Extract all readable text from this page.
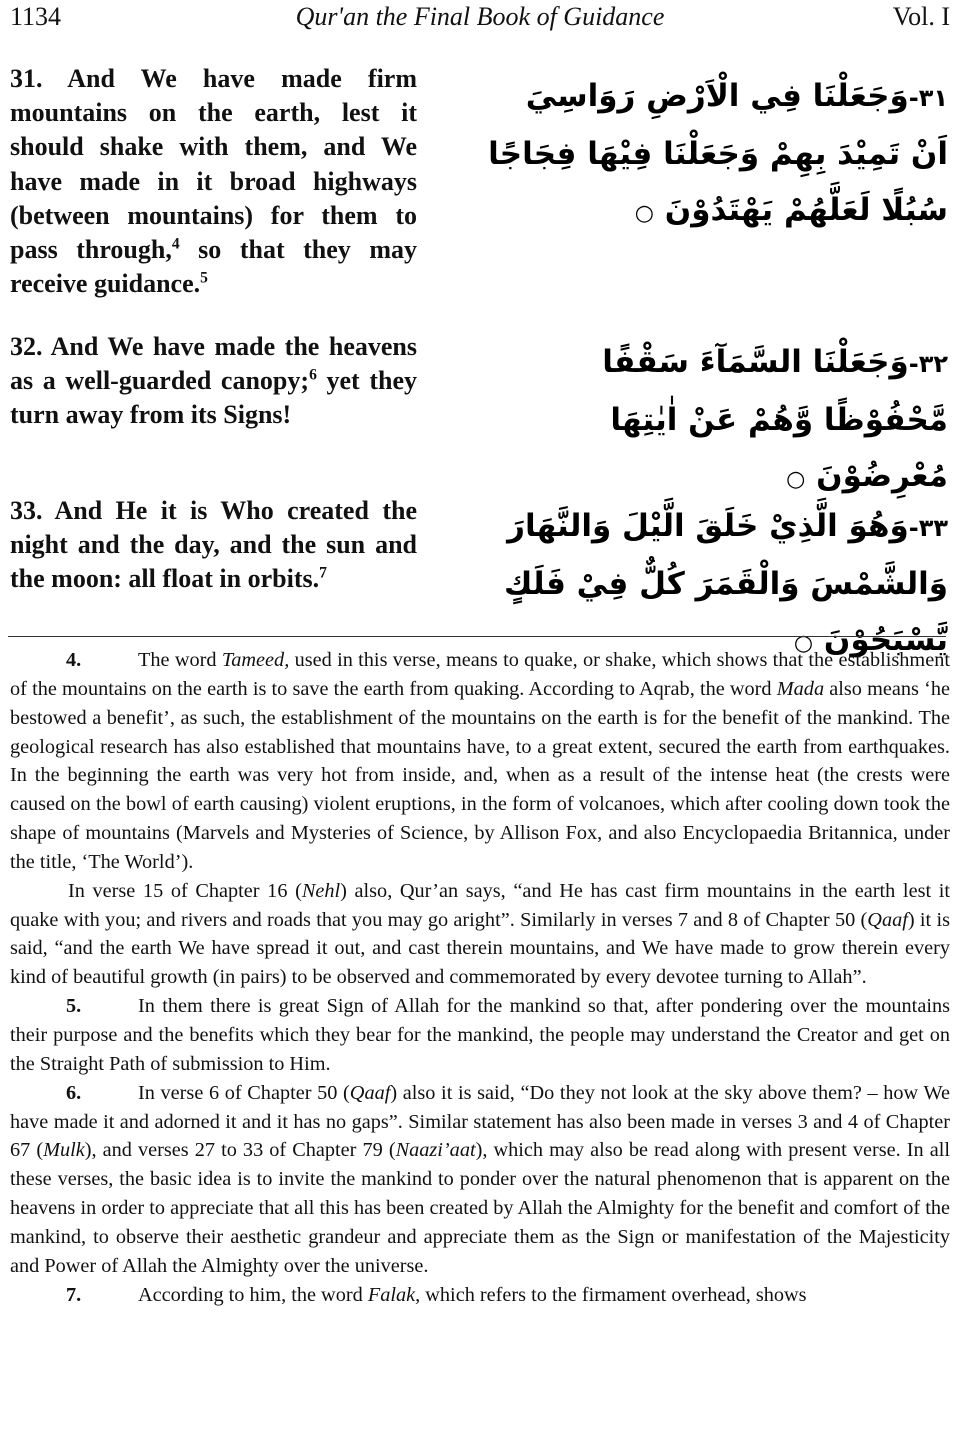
1134	Qur'an the Final Book of Guidance	Vol. I
31. And We have made firm mountains on the earth, lest it should shake with them, and We have made in it broad highways (between mountains) for them to pass through,$^4$ so that they may receive guidance.$^5$
٣١-وَجَعَلْنَا فِي الْاَرْضِ رَوَاسِيَ اَنْ تَمِيْدَ بِهِمْ وَجَعَلْنَا فِيْهَا فِجَاجًا سُبُلًا لَعَلَّهُمْ يَهْتَدُوْنَ ○
32. And We have made the heavens as a well-guarded canopy;$^6$ yet they turn away from its Signs!
٣٢-وَجَعَلْنَا السَّمَآءَ سَقْفًا مَّحْفُوْظًا وَّهُمْ عَنْ اٰيٰتِهَا مُعْرِضُوْنَ ○
33. And He it is Who created the night and the day, and the sun and the moon: all float in orbits.$^7$
٣٣-وَهُوَ الَّذِيْ خَلَقَ الَّيْلَ وَالنَّهَارَ وَالشَّمْسَ وَالْقَمَرَ كُلٌّ فِيْ فَلَكٍ يَّسْبَحُوْنَ ○

4.	The word Tameed, used in this verse, means to quake, or shake, which shows that the establishment of the mountains on the earth is to save the earth from quaking. According to Aqrab, the word Mada also means ‘he bestowed a benefit’, as such, the establishment of the mountains on the earth is for the benefit of the mankind. The geological research has also established that mountains have, to a great extent, secured the earth from earthquakes. In the beginning the earth was very hot from inside, and, when as a result of the intense heat (the crests were caused on the bowl of earth causing) violent eruptions, in the form of volcanoes, which after cooling down took the shape of mountains (Marvels and Mysteries of Science, by Allison Fox, and also Encyclopaedia Britannica, under the title, ‘The World’).

In verse 15 of Chapter 16 (Nehl) also, Qur’an says, “and He has cast firm mountains in the earth lest it quake with you; and rivers and roads that you may go aright”. Similarly in verses 7 and 8 of Chapter 50 (Qaaf) it is said, “and the earth We have spread it out, and cast therein mountains, and We have made to grow therein every kind of beautiful growth (in pairs) to be observed and commemorated by every devotee turning to Allah”.

5.	In them there is great Sign of Allah for the mankind so that, after pondering over the mountains their purpose and the benefits which they bear for the mankind, the people may understand the Creator and get on the Straight Path of submission to Him.

6.	In verse 6 of Chapter 50 (Qaaf) also it is said, “Do they not look at the sky above them? – how We have made it and adorned it and it has no gaps”. Similar statement has also been made in verses 3 and 4 of Chapter 67 (Mulk), and verses 27 to 33 of Chapter 79 (Naazi’aat), which may also be read along with present verse. In all these verses, the basic idea is to invite the mankind to ponder over the natural phenomenon that is apparent on the heavens in order to appreciate that all this has been created by Allah the Almighty for the benefit and comfort of the mankind, to observe their aesthetic grandeur and appreciate them as the Sign or manifestation of the Majesticity and Power of Allah the Almighty over the universe.

7.	According to him, the word Falak, which refers to the firmament overhead, shows
